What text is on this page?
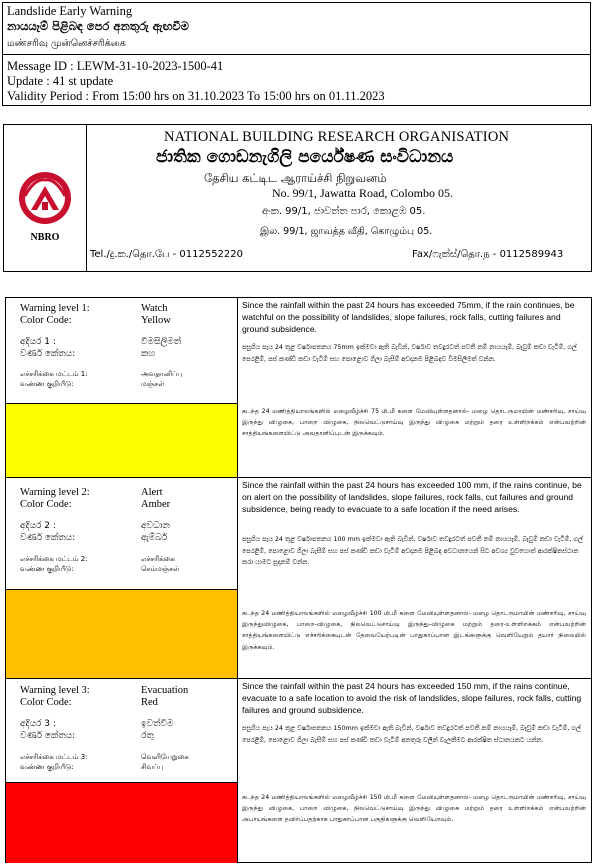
Landslide Early Warning
නායයෑම් පිළිබඳ පෙර අනතුරු ඇඟවීම
மண்சரிவு முன்னெச்சரிக்கை
Message ID : LEWM-31-10-2023-1500-41
Update : 41 st update
Validity Period : From 15:00 hrs on 31.10.2023 To 15:00 hrs on 01.11.2023
NBRO
NATIONAL BUILDING RESEARCH ORGANISATION
ජාතික ගොඩනැගිලි පර්යේෂණ සංවිධානය
தேசிய கட்டிட ஆராய்ச்சி நிறுவனம்
No. 99/1, Jawatta Road, Colombo 05.
අංක. 99/1, ජාවත්ත පාර, කොළඹ 05.
இல. 99/1, ஜாவத்த வீதி, கொழும்பு 05.
Tel./දු.ක./தொ.பே - 0112552220	Fax/ෆැක්ස්/தொ.ந - 0112589943
Warning level 1:	Watch
Color Code:	Yellow
අදියර 1 :	විමසිලිමත්
වර්ණ කේතය:	කහ
எச்சரிக்கை மட்டம் 1:	அவதானிப்பு
வண்ண குறியீடு:	மஞ்சள்
Since the rainfall within the past 24 hours has exceeded 75mm, if the rain continues, be watchful on the possibility of landslides, slope failures, rock falls, cutting failures and ground subsidence.
පසුගිය පැය 24 තුළ වර්ෂාපතනය 75mm ඉක්මවා ඇති බැවින්, වර්ෂාව තවදුරටත් පවතී නම් නායයෑම්, බෑවුම් කඩා වැටීම්, ගල් පෙරළීම්, පස් කණ්ඩි කඩා වැටීම් සහ පොළොව ගිලා බැසීම් අවදානම පිළිබඳව විමසිලිමත් වන්න.
கடந்த 24 மணித்தியாலங்களில் மழைவீழ்ச்சி 75 மி.மீ களை மேவியுள்ளதனால்- மழை தொடருமாயின் மண்சரிவு, சாய்வு இருந்து விழுகை, பாறை விழுகை, நிலவெட்டுசாய்வு இருந்து விழுகை மற்றும் தரை உள்ளிறக்கம் என்பவற்றின் சாத்தியங்களையிட்டு அவதானிப்புடன் இருக்கவும்.
Warning level 2:	Alert
Color Code:	Amber
අදියර 2 :	අවධාන
වර්ණ කේතය:	ඇම්බර්
எச்சரிக்கை மட்டம் 2:	எச்சரிக்கை
வண்ண குறியீடு:	செம்மஞ்சள்
Since the rainfall within the past 24 hours has exceeded 100 mm, if the rains continue, be on alert on the possibility of landslides, slope failures, rock falls, cut failures and ground subsidence, being ready to evacuate to a safe location if the need arises.
පසුගිය පැය 24 තුළ වර්ෂාපතනය 100 mm ඉක්මවා ඇති බැවින්, වර්ෂාව තවදුරටත් පවතී නම් නායයෑම්, බෑවුම් කඩා වැටීම්, ගල් පෙරළීම්, පොළොව ගිලා බැසීම් සහ පස් කණ්ඩි කඩා වැටීම් අවදානම පිළිබඳ අවධානයෙන් සිට අවශ්‍ය වුවහොත් ආරක්ෂිතස්ථාන කරා යාමට සූදානම් වන්න.
கடந்த 24 மணித்தியாலங்களில் மழைவீழ்ச்சி 100 மி.மீ களை மேவியுள்ளதனால்- மழை தொடருமாயின் மண்சரிவு, சாய்வு இருந்துவிழுகை, பாறை-விழுகை, நிலவெட்டுசாய்வு இருந்து-விழுகை மற்றும் தரை-உள்ளிறக்கம் என்பவற்றின் சாத்தியங்களையிட்டு எச்சரிக்கையுடன் தேவையேற்படின் பாதுகாப்பான இடங்களுக்கு வெளியேறும் தயார் நிலையில் இருக்கவும்.
Warning level 3:	Evacuation
Color Code:	Red
අදියර 3 :	ඉවත්වීම
වර්ණ කේතය:	රතු
எச்சரிக்கை மட்டம் 3:	வெளியேறுகை
வண்ண குறியீடு:	சிவப்பு
Since the rainfall within the past 24 hours has exceeded 150 mm, if the rains continue, evacuate to a safe location to avoid the risk of landslides, slope failures, rock falls, cutting failures and ground subsidence.
පසුගිය පැය 24 තුළ වර්ෂාපතනය 150mm ඉක්මවා ඇති බැවින්, වර්ෂාව තවදුරටත් පවතී නම් නායයෑම්, බෑවුම් කඩා වැටීම්, ගල් පෙරළීම්, පොළොව ගිලා බැසීම් සහ පස් කණ්ඩි කඩා වැටීම් අනතුරු වලින් වැලකීමට ආරක්ෂිත ස්ථානයකට යන්න.
கடந்த 24 மணித்தியாலங்களில் மழைவீழ்ச்சி 150 மி.மீ களை மேவியுள்ளதனால்- மழை தொடருமாயின் மண்சரிவு, சாய்வு இருந்து விழுகை, பாறை விழுகை, நிலவெட்டுசாய்வு இருந்து விழுகை மற்றும் தரை உள்ளிறக்கம் என்பவற்றின் அபாயங்களை தவிர்ப்பதற்காக பாதுகாப்பான பகுதிகளுக்கு வெளியேறவும்.
